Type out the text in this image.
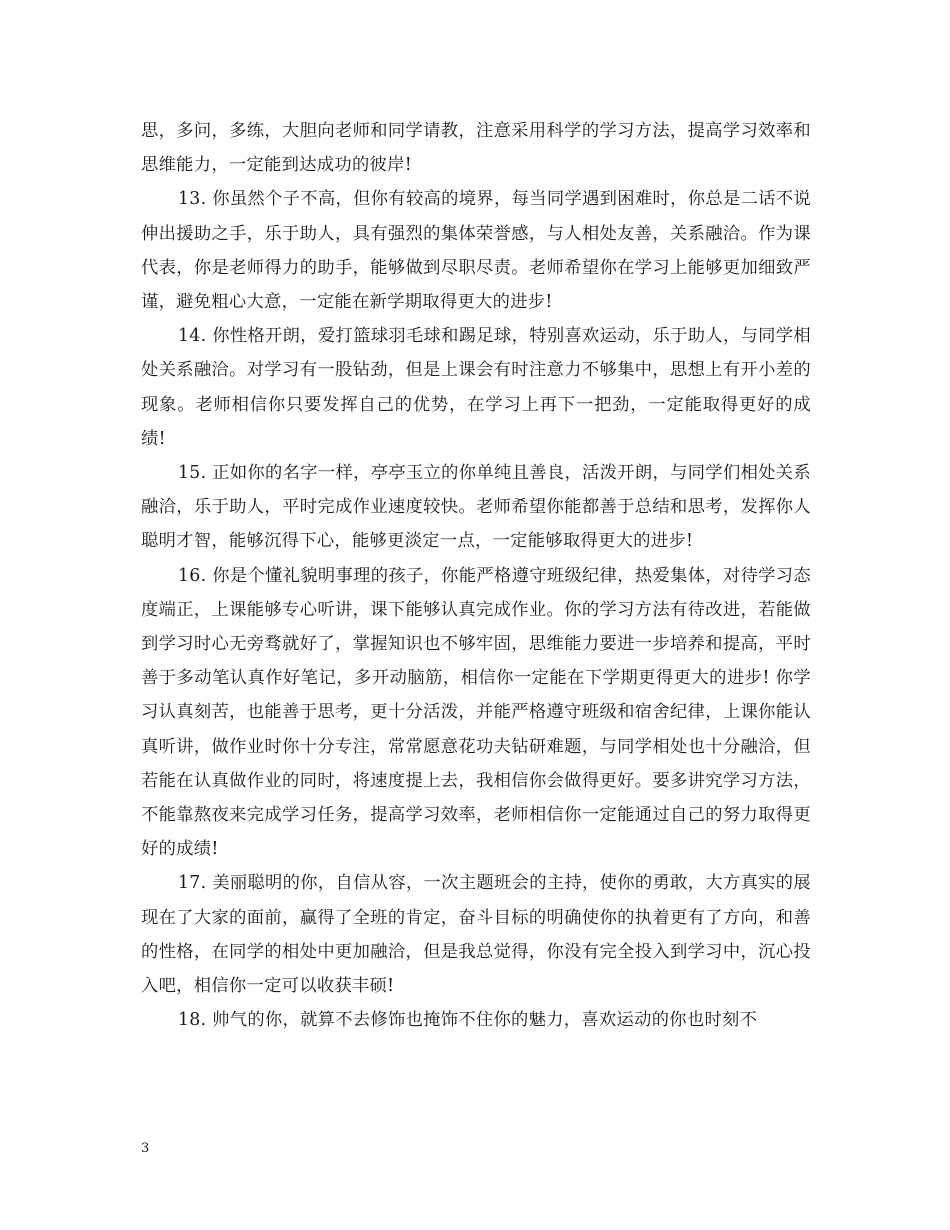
思，多问，多练，大胆向老师和同学请教，注意采用科学的学习方法，提高学习效率和思维能力，一定能到达成功的彼岸!

13. 你虽然个子不高，但你有较高的境界，每当同学遇到困难时，你总是二话不说伸出援助之手，乐于助人，具有强烈的集体荣誉感，与人相处友善，关系融洽。作为课代表，你是老师得力的助手，能够做到尽职尽责。老师希望你在学习上能够更加细致严谨，避免粗心大意，一定能在新学期取得更大的进步!

14. 你性格开朗，爱打篮球羽毛球和踢足球，特别喜欢运动，乐于助人，与同学相处关系融洽。对学习有一股钻劲，但是上课会有时注意力不够集中，思想上有开小差的现象。老师相信你只要发挥自己的优势，在学习上再下一把劲，一定能取得更好的成绩!

15. 正如你的名字一样，亭亭玉立的你单纯且善良，活泼开朗，与同学们相处关系融洽，乐于助人，平时完成作业速度较快。老师希望你能都善于总结和思考，发挥你人聪明才智，能够沉得下心，能够更淡定一点，一定能够取得更大的进步!

16. 你是个懂礼貌明事理的孩子，你能严格遵守班级纪律，热爱集体，对待学习态度端正，上课能够专心听讲，课下能够认真完成作业。你的学习方法有待改进，若能做到学习时心无旁骛就好了，掌握知识也不够牢固，思维能力要进一步培养和提高，平时善于多动笔认真作好笔记，多开动脑筋，相信你一定能在下学期更得更大的进步! 你学习认真刻苦，也能善于思考，更十分活泼，并能严格遵守班级和宿舍纪律，上课你能认真听讲，做作业时你十分专注，常常愿意花功夫钻研难题，与同学相处也十分融洽，但若能在认真做作业的同时，将速度提上去，我相信你会做得更好。要多讲究学习方法，不能靠熬夜来完成学习任务，提高学习效率，老师相信你一定能通过自己的努力取得更好的成绩!

17. 美丽聪明的你，自信从容，一次主题班会的主持，使你的勇敢，大方真实的展现在了大家的面前，赢得了全班的肯定，奋斗目标的明确使你的执着更有了方向，和善的性格，在同学的相处中更加融洽，但是我总觉得，你没有完全投入到学习中，沉心投入吧，相信你一定可以收获丰硕!

18. 帅气的你，就算不去修饰也掩饰不住你的魅力，喜欢运动的你也时刻不

3
